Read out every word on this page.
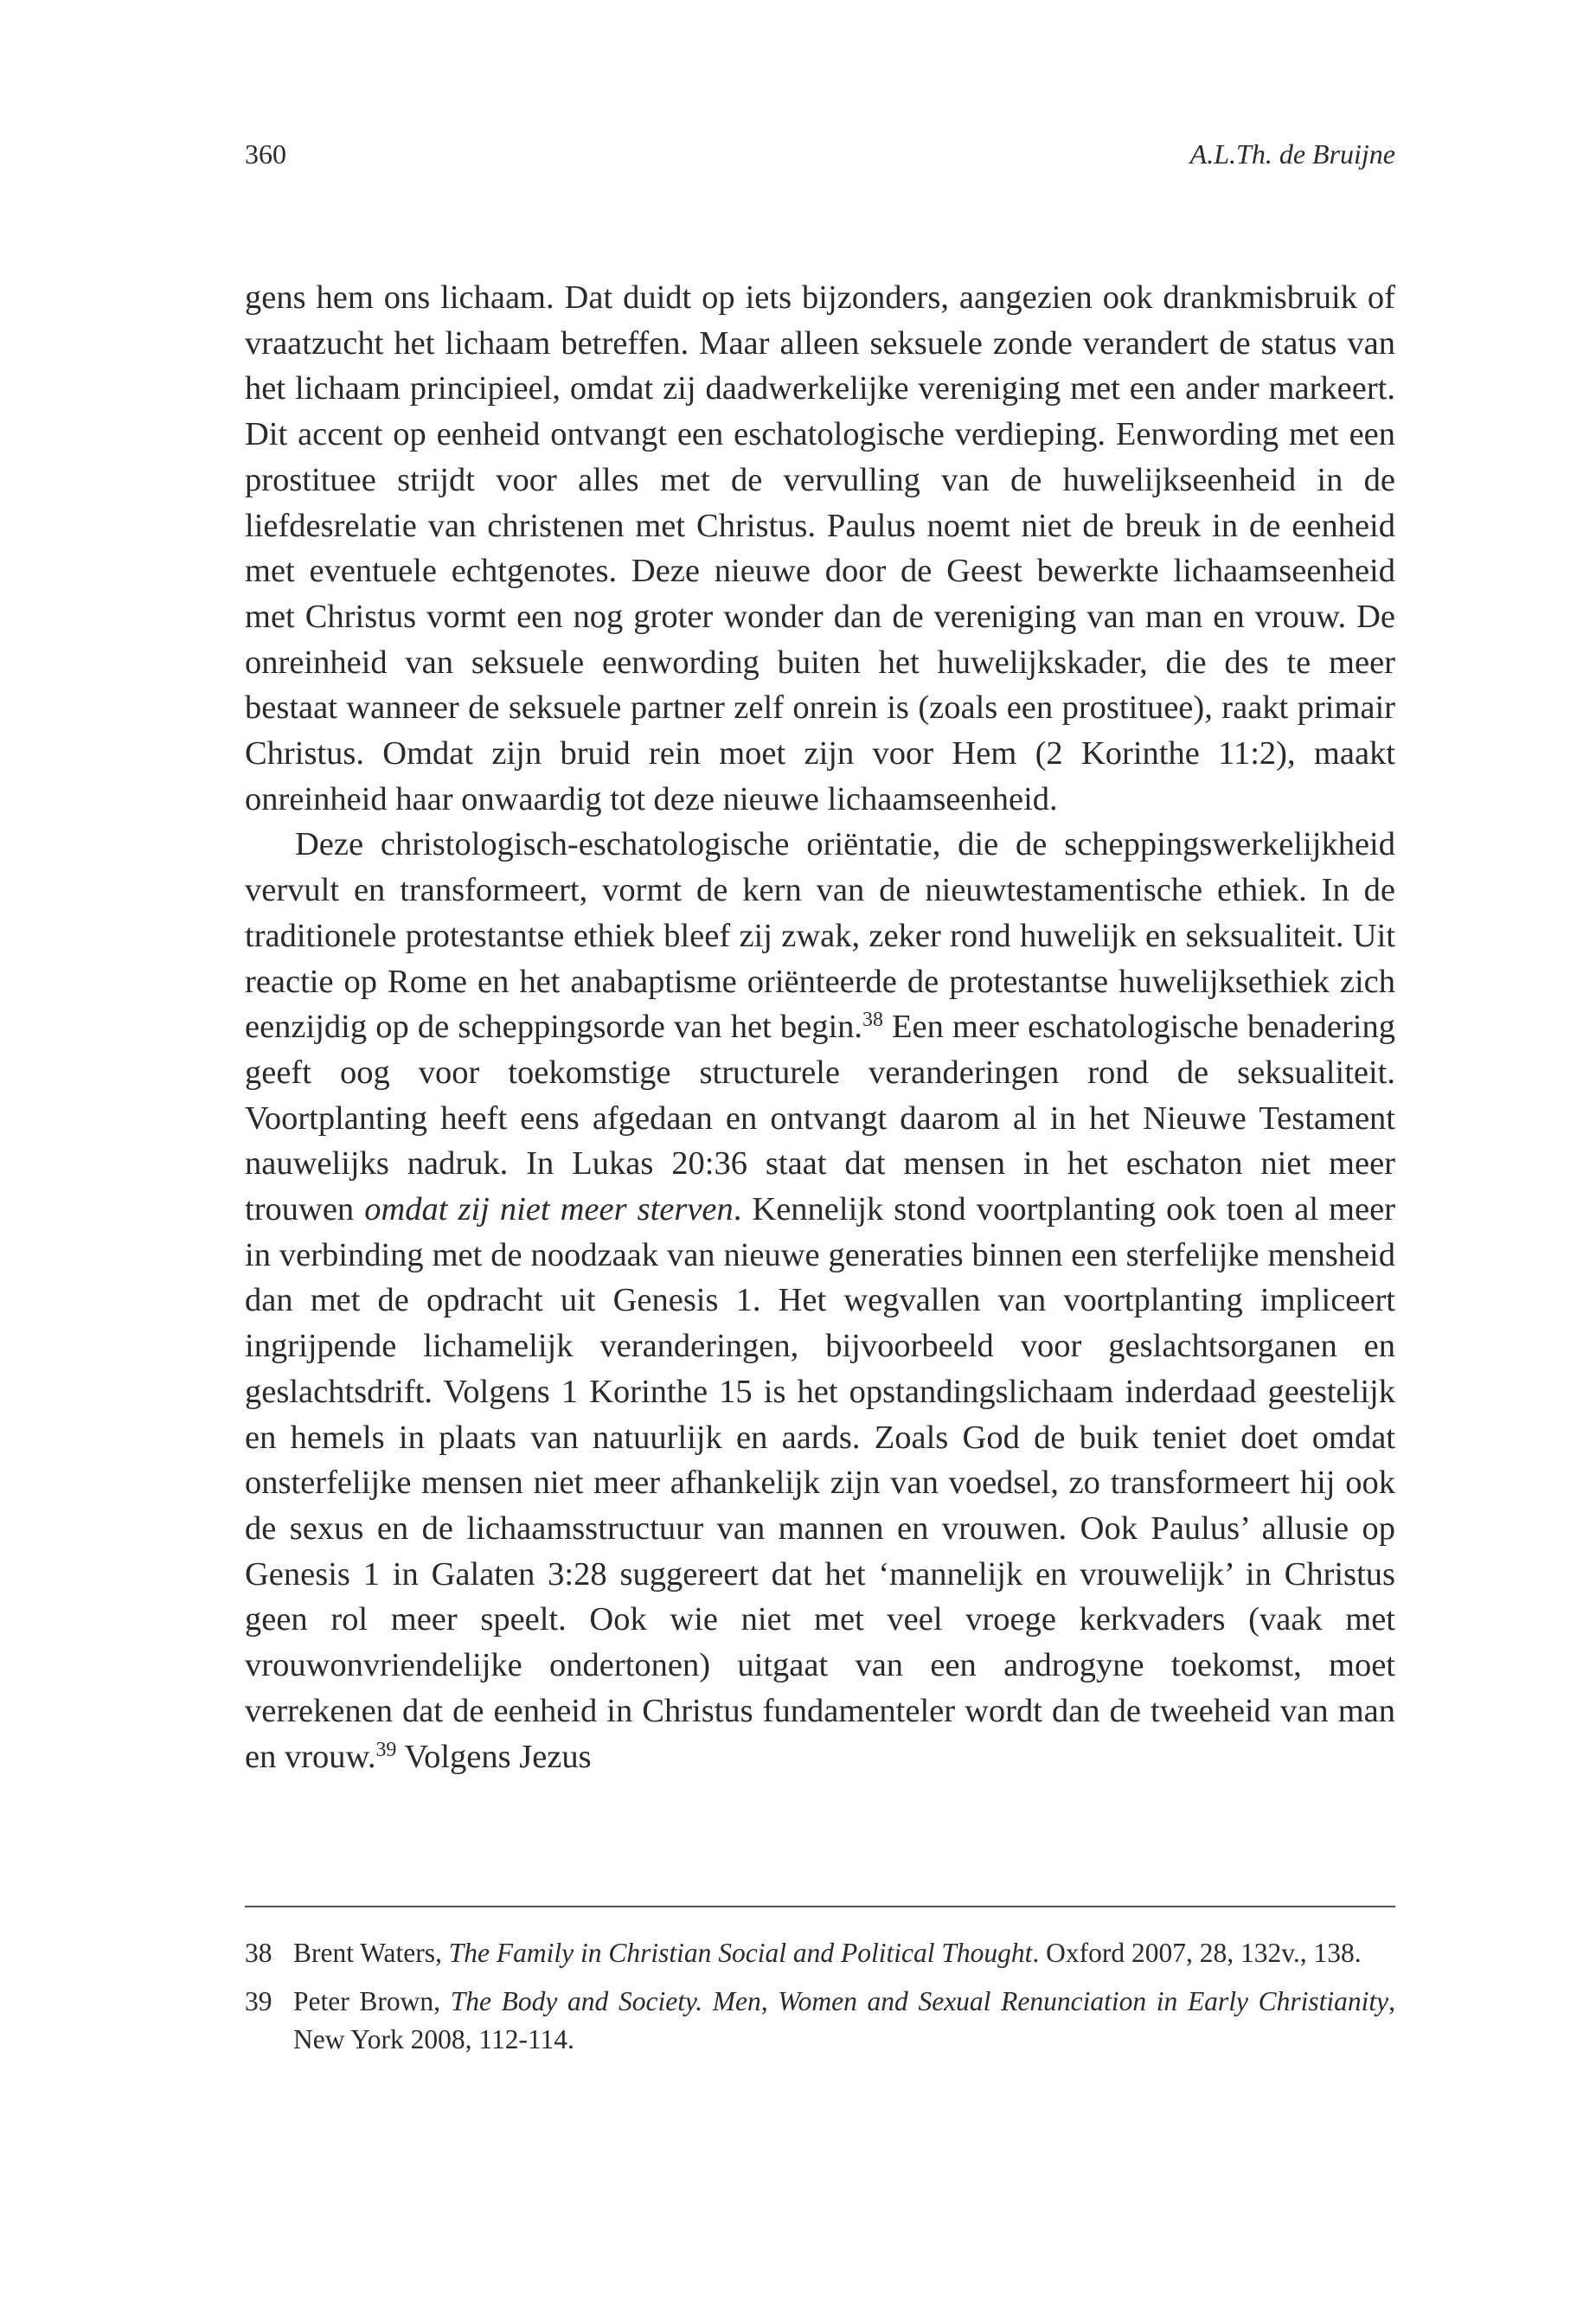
360	A.L.Th. de Bruijne

gens hem ons lichaam. Dat duidt op iets bijzonders, aangezien ook drankmisbruik of vraatzucht het lichaam betreffen. Maar alleen seksuele zonde verandert de status van het lichaam principieel, omdat zij daadwerkelijke vereniging met een ander markeert. Dit accent op eenheid ontvangt een eschatologische verdieping. Eenwording met een prostituee strijdt voor alles met de vervulling van de huwelijkseenheid in de liefdesrelatie van christenen met Christus. Paulus noemt niet de breuk in de eenheid met eventuele echtgenotes. Deze nieuwe door de Geest bewerkte lichaamseenheid met Christus vormt een nog groter wonder dan de vereniging van man en vrouw. De onreinheid van seksuele eenwording buiten het huwelijkskader, die des te meer bestaat wanneer de seksuele partner zelf onrein is (zoals een prostituee), raakt primair Christus. Omdat zijn bruid rein moet zijn voor Hem (2 Korinthe 11:2), maakt onreinheid haar onwaardig tot deze nieuwe lichaamseenheid.

Deze christologisch-eschatologische oriëntatie, die de scheppingswerkelijkheid vervult en transformeert, vormt de kern van de nieuwtestamentische ethiek. In de traditionele protestantse ethiek bleef zij zwak, zeker rond huwelijk en seksualiteit. Uit reactie op Rome en het anabaptisme oriënteerde de protestantse huwelijksethiek zich eenzijdig op de scheppingsorde van het begin.$^{38}$ Een meer eschatologische benadering geeft oog voor toekomstige structurele veranderingen rond de seksualiteit. Voortplanting heeft eens afgedaan en ontvangt daarom al in het Nieuwe Testament nauwelijks nadruk. In Lukas 20:36 staat dat mensen in het eschaton niet meer trouwen omdat zij niet meer sterven. Kennelijk stond voortplanting ook toen al meer in verbinding met de noodzaak van nieuwe generaties binnen een sterfelijke mensheid dan met de opdracht uit Genesis 1. Het wegvallen van voortplanting impliceert ingrijpende lichamelijk veranderingen, bijvoorbeeld voor geslachtsorganen en geslachtsdrift. Volgens 1 Korinthe 15 is het opstandingslichaam inderdaad geestelijk en hemels in plaats van natuurlijk en aards. Zoals God de buik teniet doet omdat onsterfelijke mensen niet meer afhankelijk zijn van voedsel, zo transformeert hij ook de sexus en de lichaamsstructuur van mannen en vrouwen. Ook Paulus’ allusie op Genesis 1 in Galaten 3:28 suggereert dat het ‘mannelijk en vrouwelijk’ in Christus geen rol meer speelt. Ook wie niet met veel vroege kerkvaders (vaak met vrouwonvriendelijke ondertonen) uitgaat van een androgyne toekomst, moet verrekenen dat de eenheid in Christus fundamenteler wordt dan de tweeheid van man en vrouw.$^{39}$ Volgens Jezus

38 Brent Waters, The Family in Christian Social and Political Thought. Oxford 2007, 28, 132v., 138.
39 Peter Brown, The Body and Society. Men, Women and Sexual Renunciation in Early Christianity, New York 2008, 112-114.
